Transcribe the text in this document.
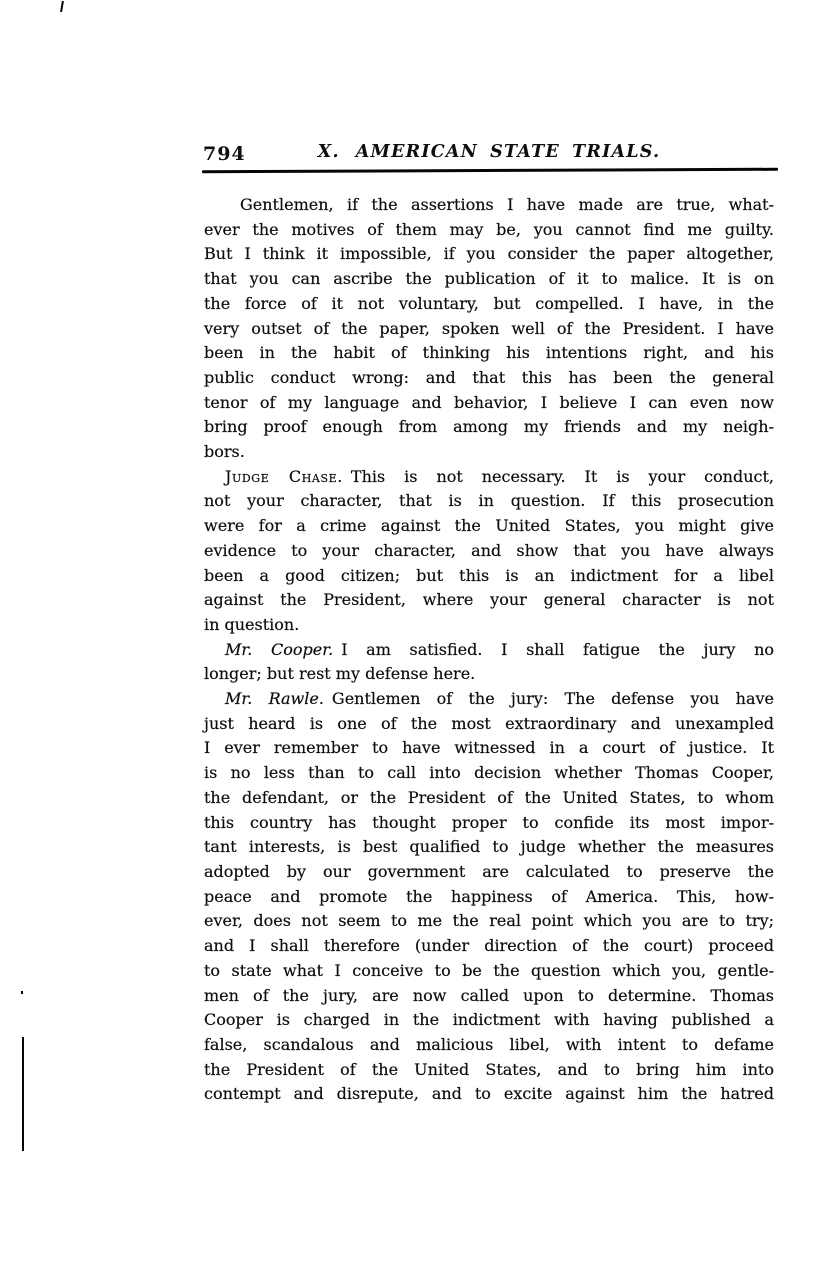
794	X. AMERICAN STATE TRIALS.
Gentlemen, if the assertions I have made are true, what-
ever the motives of them may be, you cannot find me guilty.
But I think it impossible, if you consider the paper altogether,
that you can ascribe the publication of it to malice. It is on
the force of it not voluntary, but compelled. I have, in the
very outset of the paper, spoken well of the President. I have
been in the habit of thinking his intentions right, and his
public conduct wrong: and that this has been the general
tenor of my language and behavior, I believe I can even now
bring proof enough from among my friends and my neigh-
bors.
Judge Chase. This is not necessary. It is your conduct,
not your character, that is in question. If this prosecution
were for a crime against the United States, you might give
evidence to your character, and show that you have always
been a good citizen; but this is an indictment for a libel
against the President, where your general character is not
in question.
Mr. Cooper. I am satisfied. I shall fatigue the jury no
longer; but rest my defense here.
Mr. Rawle. Gentlemen of the jury: The defense you have
just heard is one of the most extraordinary and unexampled
I ever remember to have witnessed in a court of justice. It
is no less than to call into decision whether Thomas Cooper,
the defendant, or the President of the United States, to whom
this country has thought proper to confide its most impor-
tant interests, is best qualified to judge whether the measures
adopted by our government are calculated to preserve the
peace and promote the happiness of America. This, how-
ever, does not seem to me the real point which you are to try;
and I shall therefore (under direction of the court) proceed
to state what I conceive to be the question which you, gentle-
men of the jury, are now called upon to determine. Thomas
Cooper is charged in the indictment with having published a
false, scandalous and malicious libel, with intent to defame
the President of the United States, and to bring him into
contempt and disrepute, and to excite against him the hatred
